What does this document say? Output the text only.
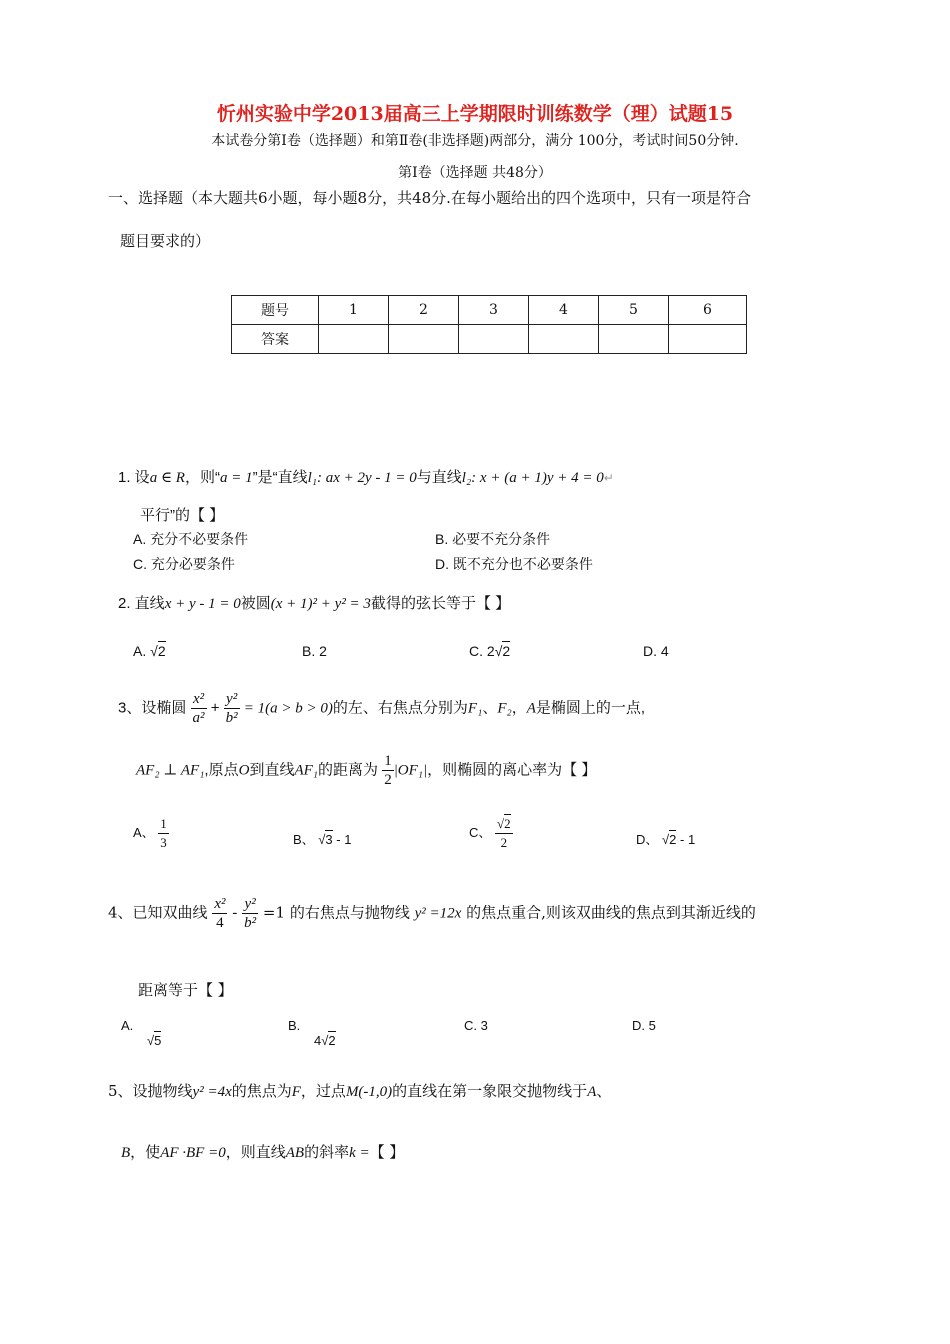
忻州实验中学2013届高三上学期限时训练数学（理）试题15
本试卷分第Ⅰ卷（选择题）和第Ⅱ卷(非选择题)两部分，满分 100分，考试时间50分钟.
第Ⅰ卷（选择题 共48分）
一、选择题（本大题共6小题，每小题8分，共48分.在每小题给出的四个选项中，只有一项是符合
题目要求的）
题号	1	2	3	4	5	6
答案						
1. 设a ∈ R，则“a = 1”是“直线l₁: ax + 2y - 1 = 0与直线l₂: x + (a + 1)y + 4 = 0↵
平行”的【 】
A. 充分不必要条件	B. 必要不充分条件
C. 充分必要条件	D. 既不充分也不必要条件
2. 直线x + y - 1 = 0被圆(x + 1)² + y² = 3截得的弦长等于【 】
A. √2	B. 2	C. 2√2	D. 4
3、设椭圆 $\frac{\text{x²}}{\text{a²}} + \frac{\text{y²}}{\text{b²}} = 1(a > b > 0)$的左、右焦点分别为F₁、F₂，A是椭圆上的一点,
AF₂ ⊥ AF₁,原点O到直线AF₁的距离为 $\frac{1}{2} |OF_1|$，则椭圆的离心率为【 】
A、 $\frac{1}{3}$	B、 √3 - 1	C、 $\frac{√2}{2}$	D、 √2 - 1
4、已知双曲线 $\frac{\text{x²}}{4} - \frac{\text{y²}}{\text{b²}} =1$ 的右焦点与抛物线 y² =12x 的焦点重合,则该双曲线的焦点到其渐近线的
距离等于【 】
A.
√5
B.
4√2
C. 3	D. 5
5、设抛物线y² =4x的焦点为F，过点M(-1,0)的直线在第一象限交抛物线于A、
B，使AF ·BF =0，则直线AB的斜率k =【 】
